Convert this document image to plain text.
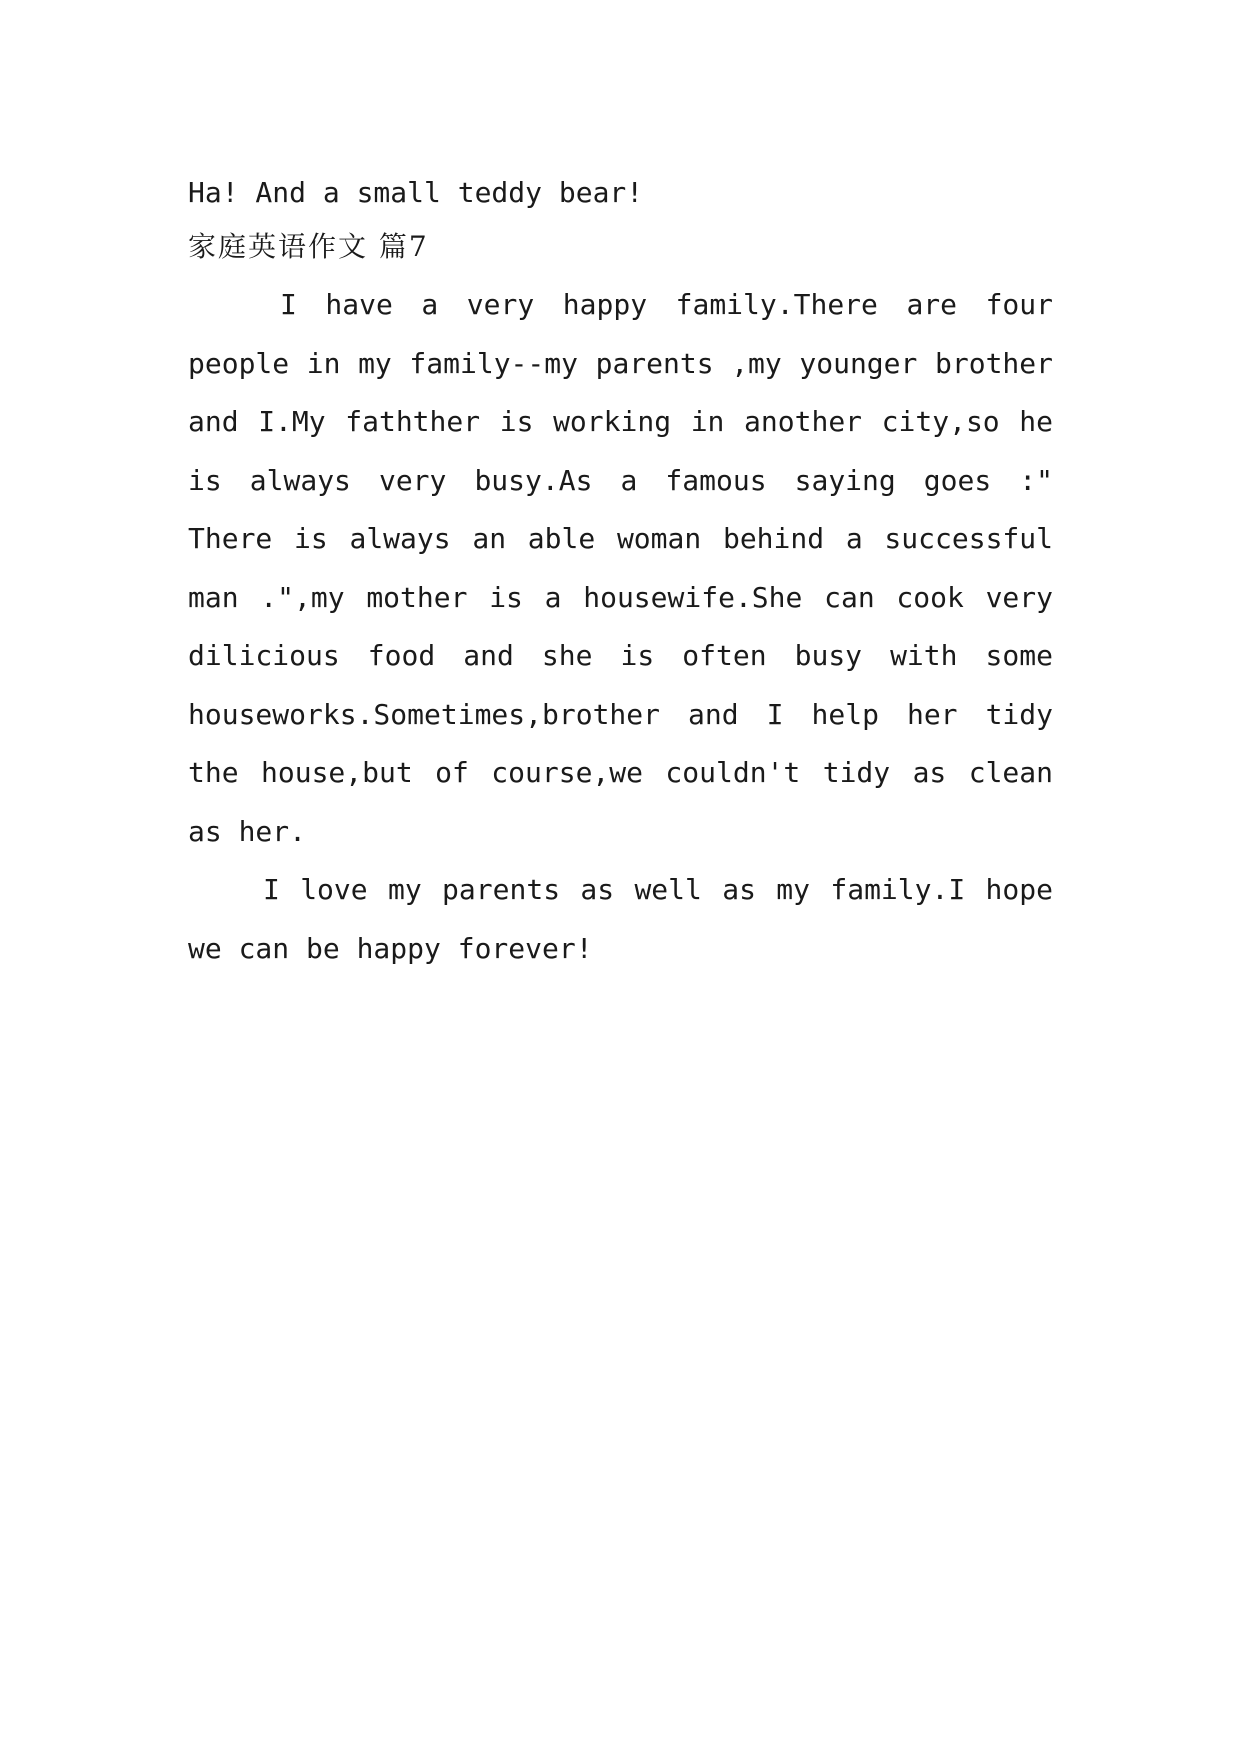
Ha! And a small teddy bear!
家庭英语作文 篇7
I have a very happy family.There are four
people in my family--my parents ,my younger brother
and I.My fathther is working in another city,so he
is always very busy.As a famous saying goes :"
There is always an able woman behind a successful
man .",my mother is a housewife.She can cook very
dilicious food and she is often busy with some
houseworks.Sometimes,brother and I help her tidy
the house,but of course,we couldn't tidy as clean
as her.
I love my parents as well as my family.I hope
we can be happy forever!
